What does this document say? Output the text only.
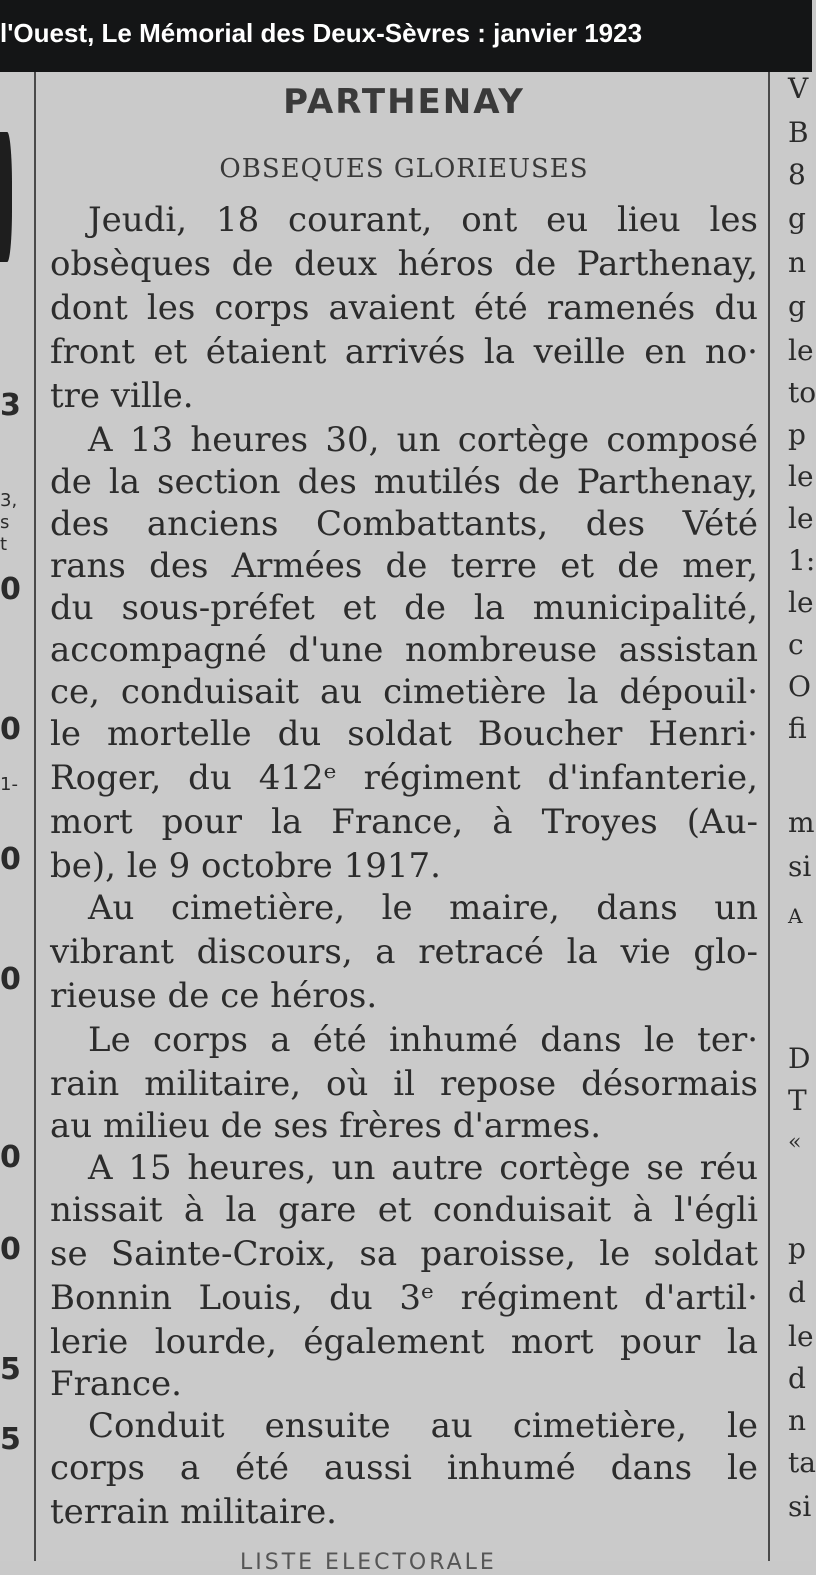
l'Ouest, Le Mémorial des Deux-Sèvres : janvier 1923
3
3,
s
t
0
0
1-
0
0
0
0
5
5
PARTHENAY
OBSEQUES GLORIEUSES
Jeudi, 18 courant, ont eu lieu les
obsèques de deux héros de Parthenay,
dont les corps avaient été ramenés du
front et étaient arrivés la veille en no·
tre ville.
A 13 heures 30, un cortège composé
de la section des mutilés de Parthenay,
des anciens Combattants, des Vété
rans des Armées de terre et de mer,
du sous-préfet et de la municipalité,
accompagné d'une nombreuse assistan
ce, conduisait au cimetière la dépouil·
le mortelle du soldat Boucher Henri·
Roger, du 412ᵉ régiment d'infanterie,
mort pour la France, à Troyes (Au-
be), le 9 octobre 1917.
Au cimetière, le maire, dans un
vibrant discours, a retracé la vie glo-
rieuse de ce héros.
Le corps a été inhumé dans le ter·
rain militaire, où il repose désormais
au milieu de ses frères d'armes.
A 15 heures, un autre cortège se réu
nissait à la gare et conduisait à l'égli
se Sainte-Croix, sa paroisse, le soldat
Bonnin Louis, du 3ᵉ régiment d'artil·
lerie lourde, également mort pour la
France.
Conduit ensuite au cimetière, le
corps a été aussi inhumé dans le
terrain militaire.
LISTE ELECTORALE
V
B
8
g
n
g
le
to
p
le
le
1:
le
c
O
fi
m
si
A
D
T
«
p
d
le
d
n
ta
si
